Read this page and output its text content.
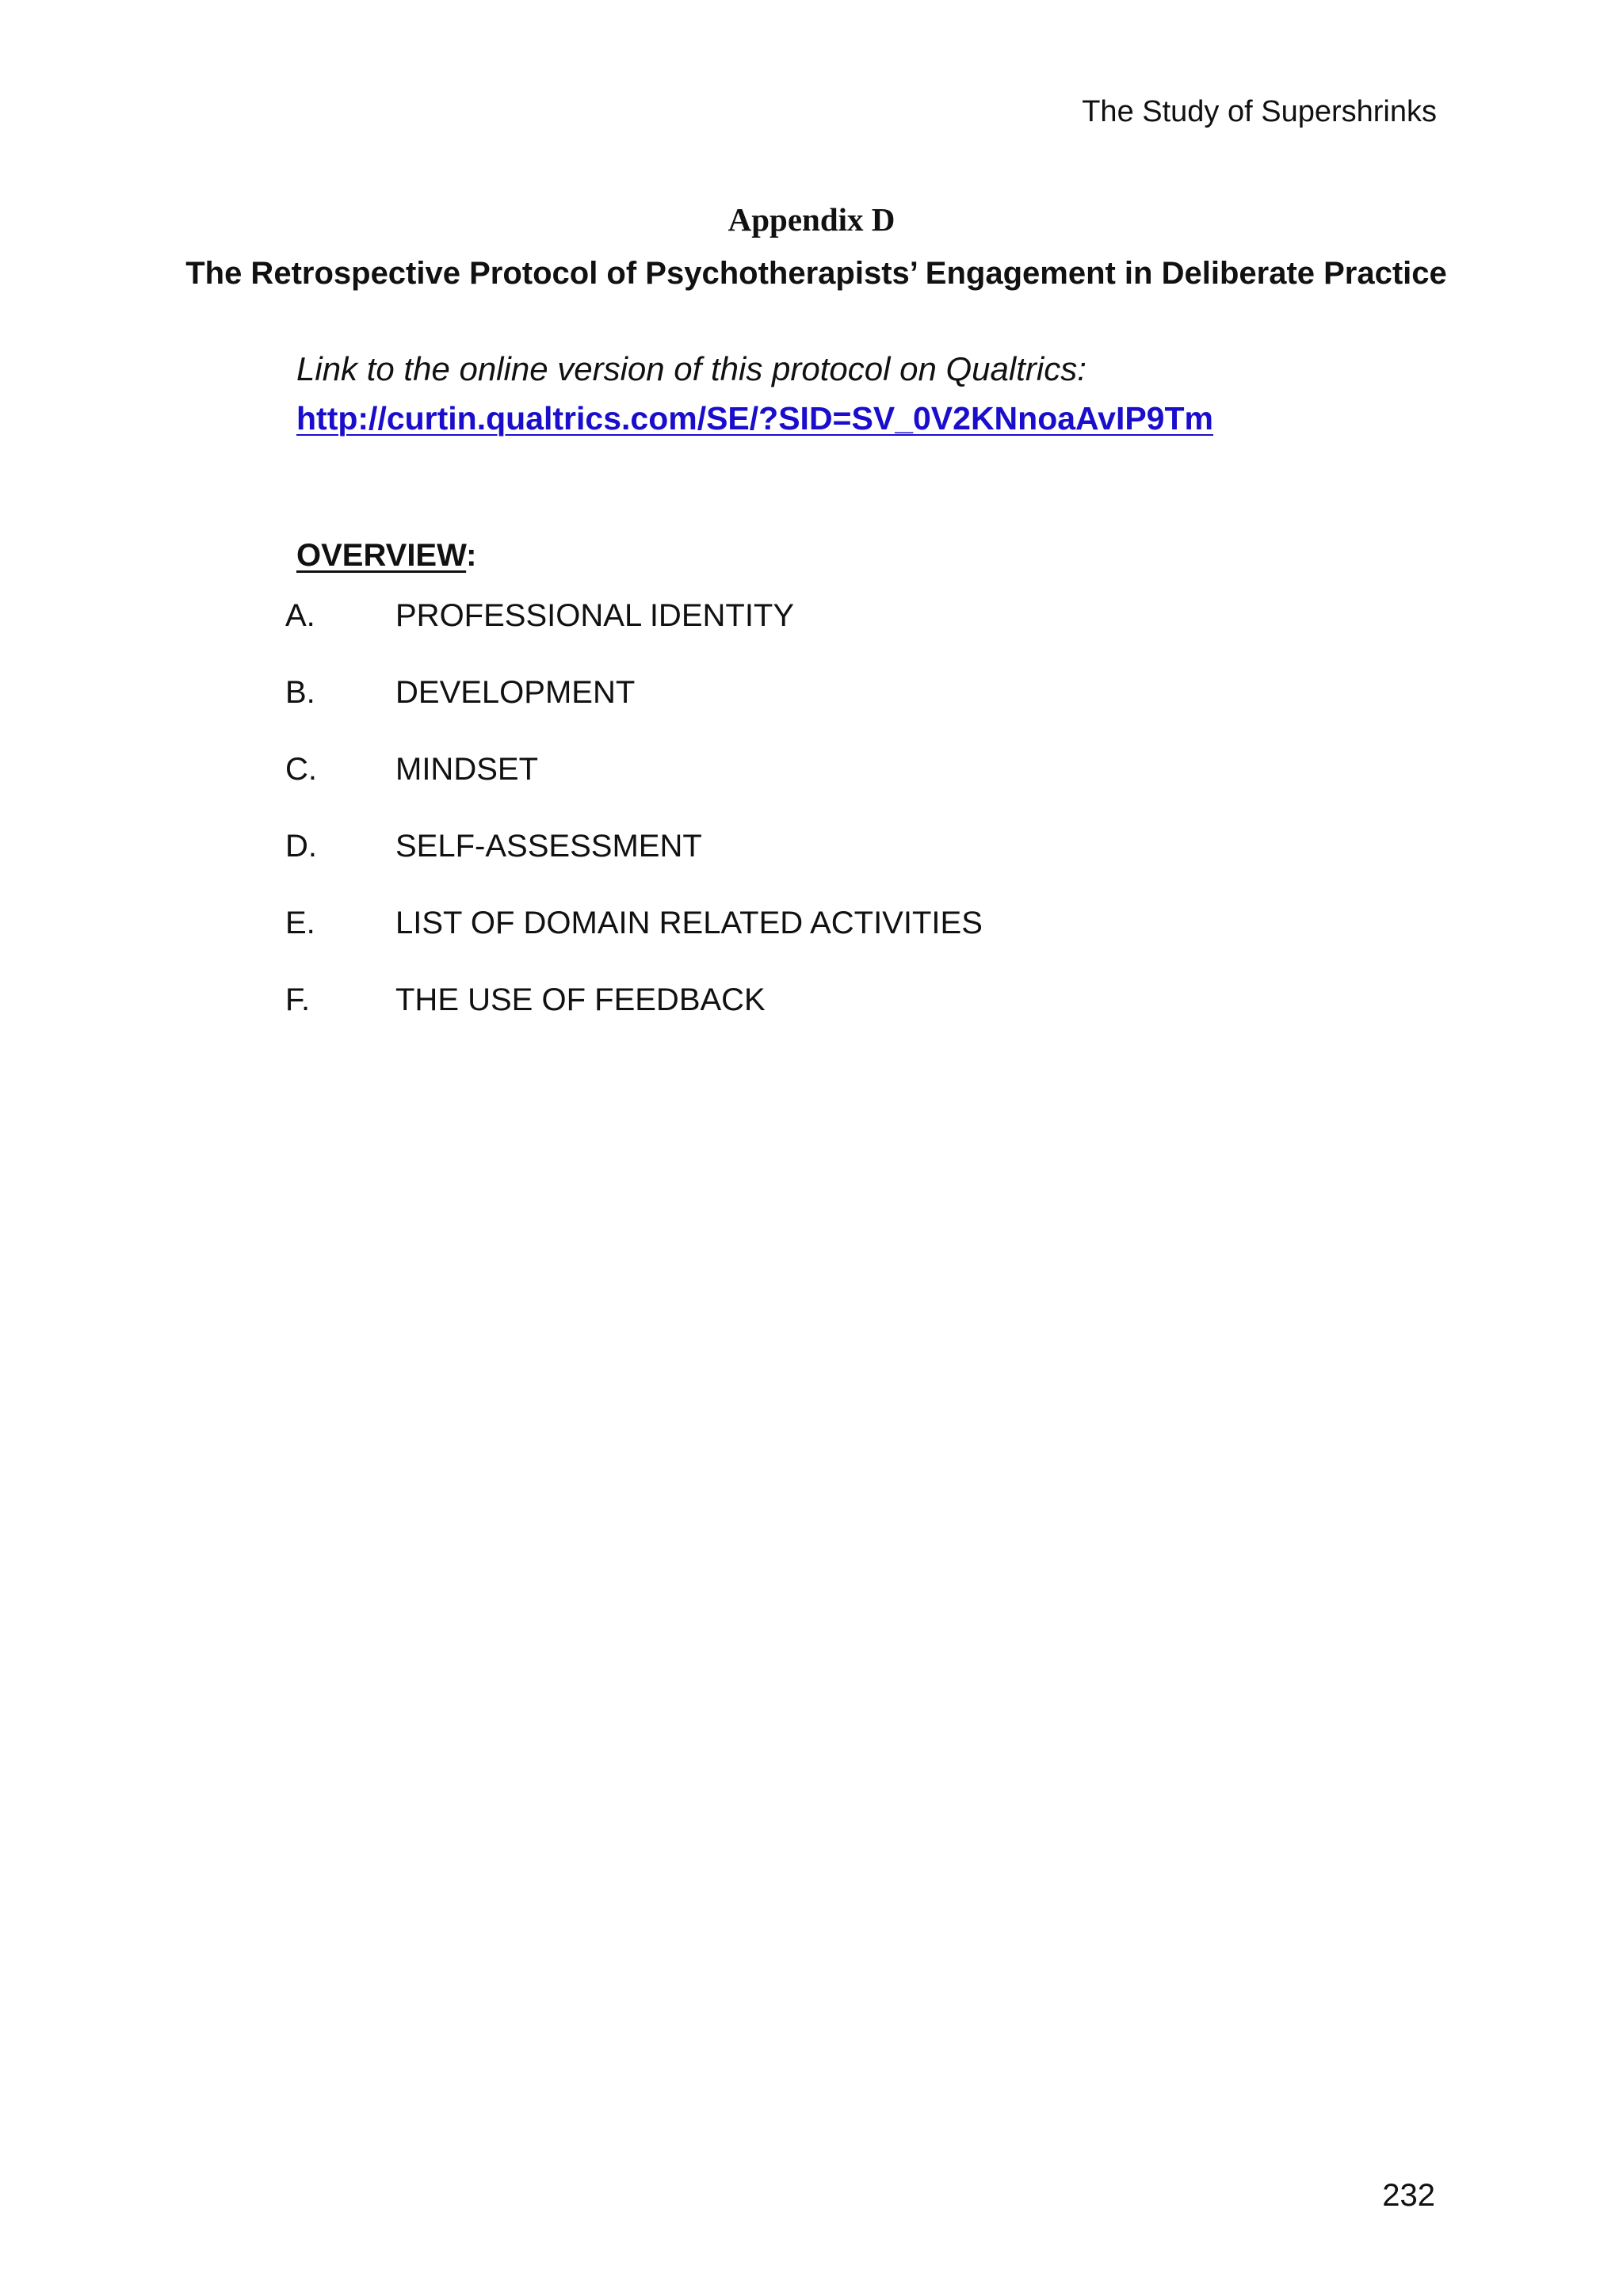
The Study of Supershrinks
Appendix D
The Retrospective Protocol of Psychotherapists’ Engagement in Deliberate Practice
Link to the online version of this protocol on Qualtrics:
http://curtin.qualtrics.com/SE/?SID=SV_0V2KNnoaAvIP9Tm
OVERVIEW:
A.	PROFESSIONAL IDENTITY
B.	DEVELOPMENT
C.	MINDSET
D.	SELF-ASSESSMENT
E.	LIST OF DOMAIN RELATED ACTIVITIES
F.	THE USE OF FEEDBACK
232
